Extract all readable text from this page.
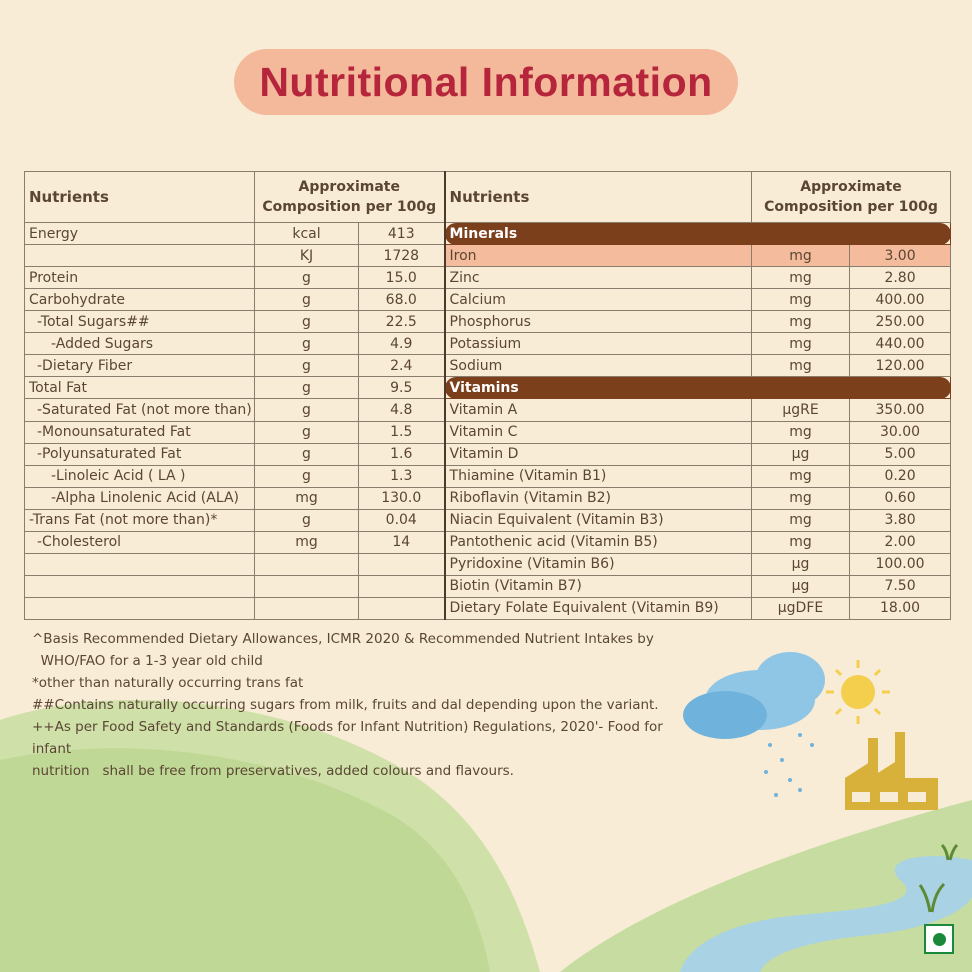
Nutritional Information
Nutrients	Approximate Composition per 100g		Nutrients	Approximate Composition per 100g	
Energy	kcal	413	Minerals		
	KJ	1728	Iron	mg	3.00
Protein	g	15.0	Zinc	mg	2.80
Carbohydrate	g	68.0	Calcium	mg	400.00
-Total Sugars##	g	22.5	Phosphorus	mg	250.00
-Added Sugars	g	4.9	Potassium	mg	440.00
-Dietary Fiber	g	2.4	Sodium	mg	120.00
Total Fat	g	9.5	Vitamins		
-Saturated Fat (not more than)	g	4.8	Vitamin A	µgRE	350.00
-Monounsaturated Fat	g	1.5	Vitamin C	mg	30.00
-Polyunsaturated Fat	g	1.6	Vitamin D	µg	5.00
-Linoleic Acid ( LA )	g	1.3	Thiamine (Vitamin B1)	mg	0.20
-Alpha Linolenic Acid (ALA)	mg	130.0	Riboflavin (Vitamin B2)	mg	0.60
-Trans Fat (not more than)*	g	0.04	Niacin Equivalent (Vitamin B3)	mg	3.80
-Cholesterol	mg	14	Pantothenic acid (Vitamin B5)	mg	2.00
			Pyridoxine (Vitamin B6)	µg	100.00
			Biotin (Vitamin B7)	µg	7.50
			Dietary Folate Equivalent (Vitamin B9)	µgDFE	18.00

^Basis Recommended Dietary Allowances, ICMR 2020 & Recommended Nutrient Intakes by

WHO/FAO for a 1-3 year old child

*other than naturally occurring trans fat

##Contains naturally occurring sugars from milk, fruits and dal depending upon the variant.

++As per Food Safety and Standards (Foods for Infant Nutrition) Regulations, 2020'- Food for infant

nutrition   shall be free from preservatives, added colours and flavours.
